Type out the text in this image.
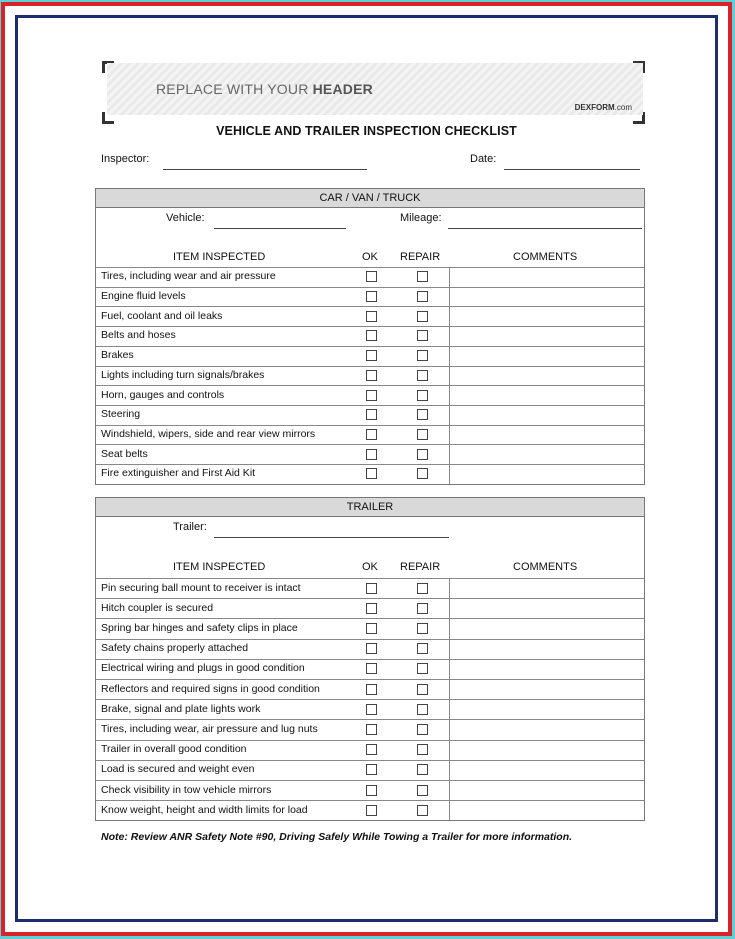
REPLACE WITH YOUR HEADER
DEXFORM.com
VEHICLE AND TRAILER INSPECTION CHECKLIST
Inspector:	Date:
CAR / VAN / TRUCK
Vehicle:	Mileage:
ITEM INSPECTED	OK REPAIR	COMMENTS
Tires, including wear and air pressure
Engine fluid levels
Fuel, coolant and oil leaks
Belts and hoses
Brakes
Lights including turn signals/brakes
Horn, gauges and controls
Steering
Windshield, wipers, side and rear view mirrors
Seat belts
Fire extinguisher and First Aid Kit
TRAILER
Trailer:
ITEM INSPECTED	OK REPAIR	COMMENTS
Pin securing ball mount to receiver is intact
Hitch coupler is secured
Spring bar hinges and safety clips in place
Safety chains properly attached
Electrical wiring and plugs in good condition
Reflectors and required signs in good condition
Brake, signal and plate lights work
Tires, including wear, air pressure and lug nuts
Trailer in overall good condition
Load is secured and weight even
Check visibility in tow vehicle mirrors
Know weight, height and width limits for load
Note: Review ANR Safety Note #90, Driving Safely While Towing a Trailer for more information.
